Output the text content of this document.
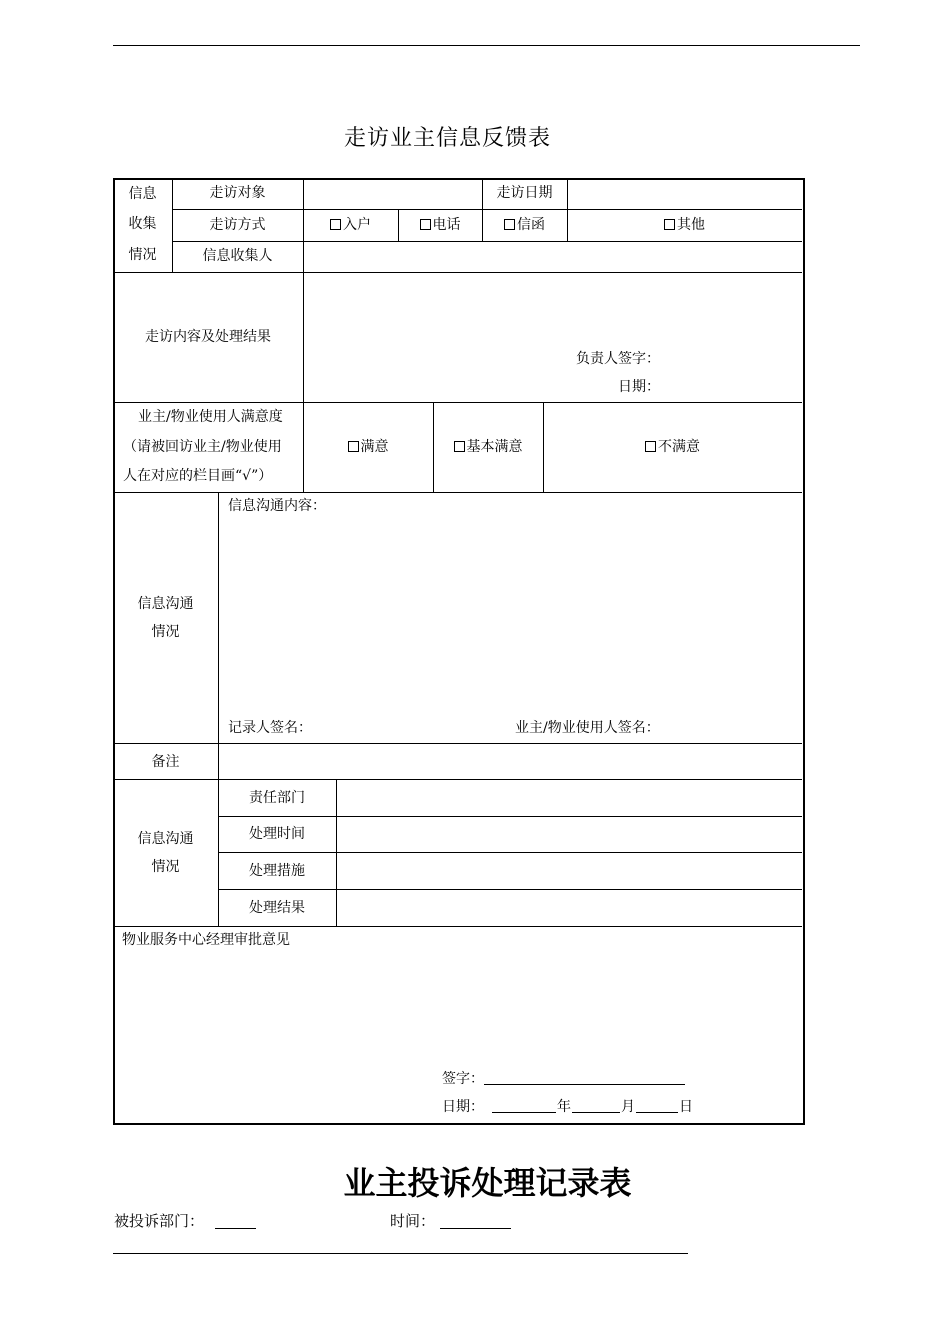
走访业主信息反馈表
信息
收集
情况
走访对象	走访日期
走访方式	入户	电话	信函	其他
信息收集人
走访内容及处理结果
负责人签字：
日期：
业主/物业使用人满意度
（请被回访业主/物业使用
人在对应的栏目画“√”）
满意	基本满意	不满意
信息沟通
情况
信息沟通内容：
记录人签名：	业主/物业使用人签名：
备注
信息沟通
情况
责任部门
处理时间
处理措施
处理结果
物业服务中心经理审批意见
签字：
日期：	年	月	日
业主投诉处理记录表
被投诉部门：	时间：
